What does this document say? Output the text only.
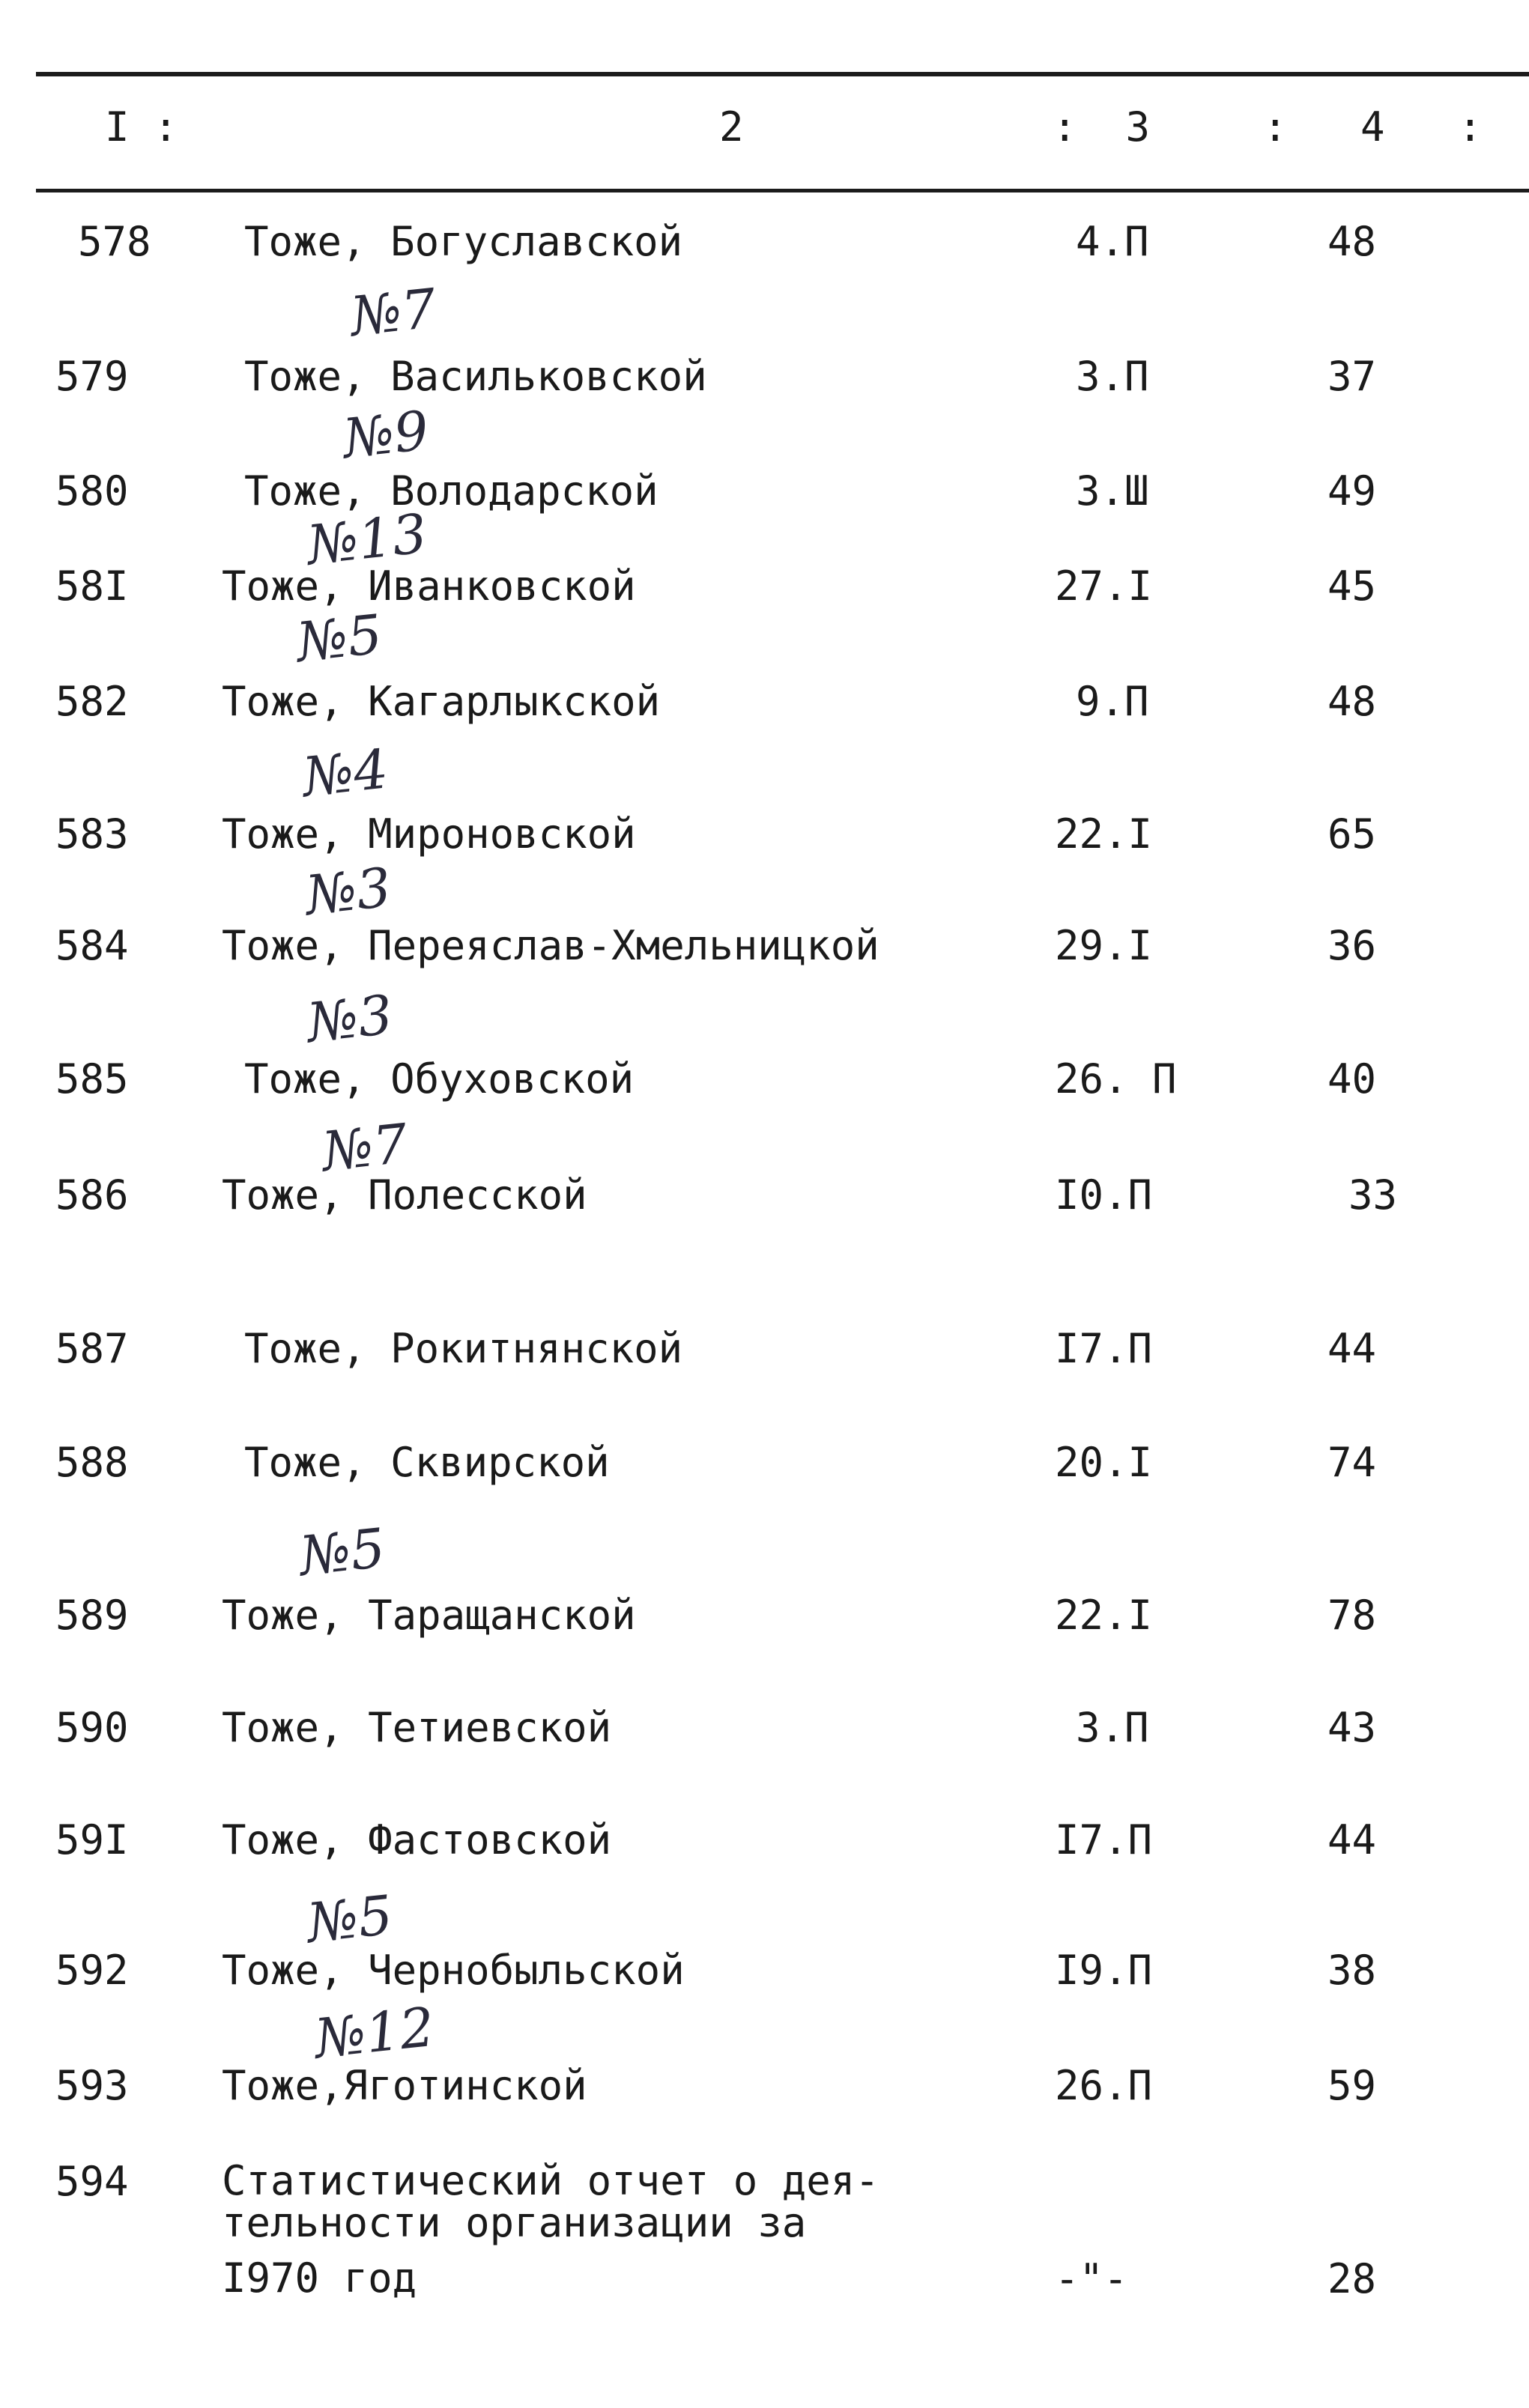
I :	2	:  3	:   4   :
№7
№9
№13
№5
№4
№3
№3
№7
№5
№5
№12
578 Тоже, Богуславской	4.П	48
579	Тоже, Васильковской	3.П	37
580	Тоже, Володарской	3.Ш	49
58I Тоже, Иванковской	27.I	45
582 Тоже, Кагарлыкской	9.П	48
583 Тоже, Мироновской	22.I	65
584 Тоже, Переяслав-Хмельницкой	29.I	36
585	Тоже, Обуховской	26. П	40
586 Тоже, Полесской	I0.П	33
587	Тоже, Рокитнянской	I7.П	44
588	Тоже, Сквирской	20.I	74
589 Тоже, Таращанской	22.I	78
590 Тоже, Тетиевской	3.П	43
59I Тоже, Фастовской	I7.П	44
592 Тоже, Чернобыльской	I9.П	38
593 Тоже,Яготинской	26.П	59
594 Статистический отчет о дея-
тельности организации за
I970 год	-"-	28
